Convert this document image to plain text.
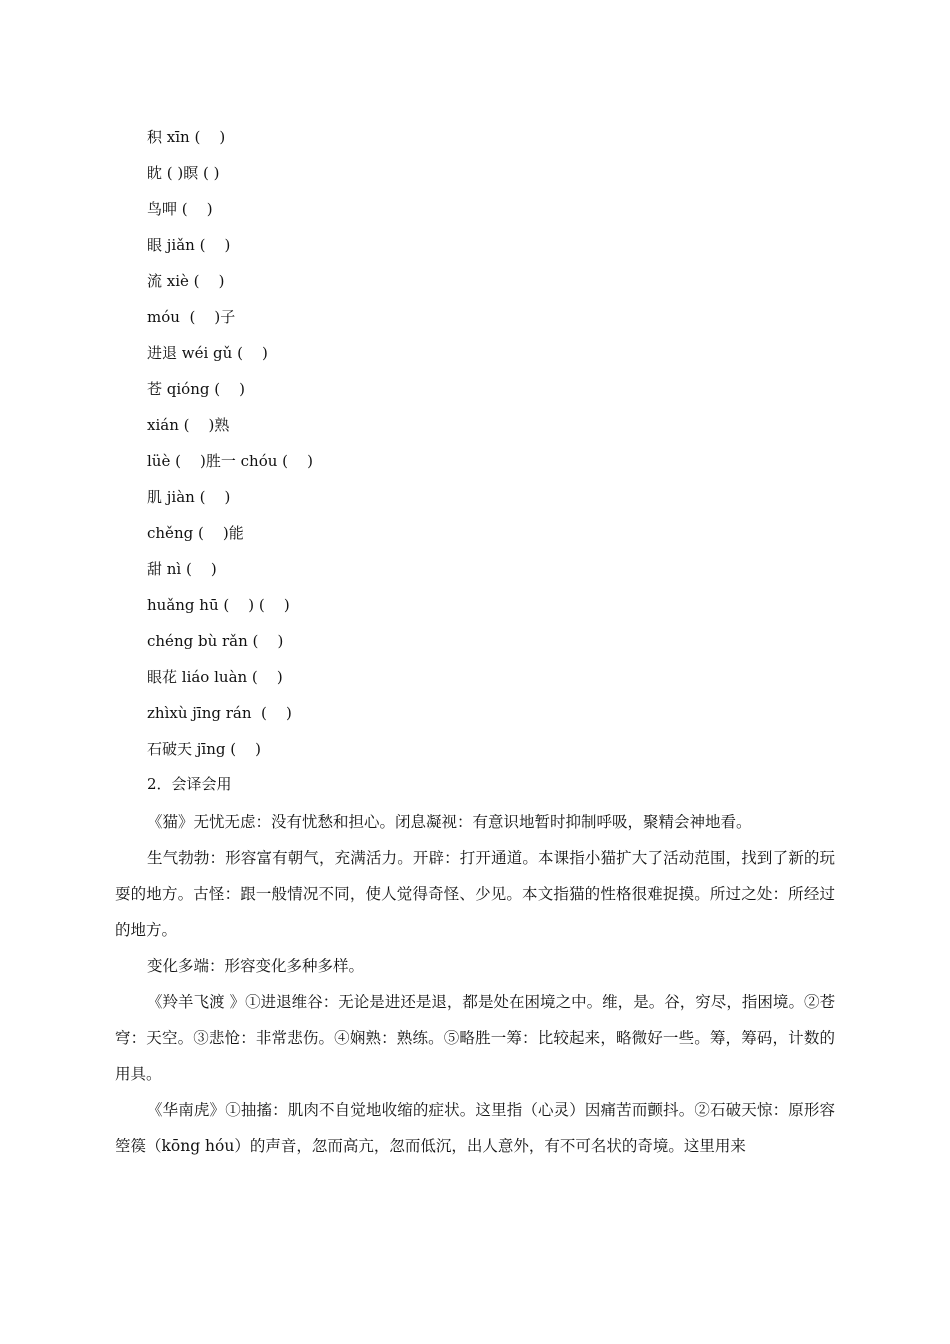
积 xīn (    )
眈 ( )瞑 ( )
鸟呷 (    )
眼 jiǎn (    )
流 xiè (    )
móu  (    )子
进退 wéi gǔ (    )
苍 qióng (    )
xián (    )熟
lüè (    )胜一 chóu (    )
肌 jiàn (    )
chěng (    )能
甜 nì (    )
huǎng hū (    ) (    )
chéng bù rǎn (    )
眼花 liáo luàn (    )
zhìxù jīng rán  (    )
石破天 jīng (    )
2．会译会用

《猫》无忧无虑：没有忧愁和担心。闭息凝视：有意识地暂时抑制呼吸，聚精会神地看。

生气勃勃：形容富有朝气，充满活力。开辟：打开通道。本课指小猫扩大了活动范围，找到了新的玩耍的地方。古怪：跟一般情况不同，使人觉得奇怪、少见。本文指猫的性格很难捉摸。所过之处：所经过的地方。

变化多端：形容变化多种多样。

《羚羊飞渡 》①进退维谷：无论是进还是退，都是处在困境之中。维，是。谷，穷尽，指困境。②苍穹：天空。③悲怆：非常悲伤。④娴熟：熟练。⑤略胜一筹：比较起来，略微好一些。筹，筹码，计数的用具。

《华南虎》①抽搐：肌肉不自觉地收缩的症状。这里指（心灵）因痛苦而颤抖。②石破天惊：原形容箜篌（kōng hóu）的声音，忽而高亢，忽而低沉，出人意外，有不可名状的奇境。这里用来
